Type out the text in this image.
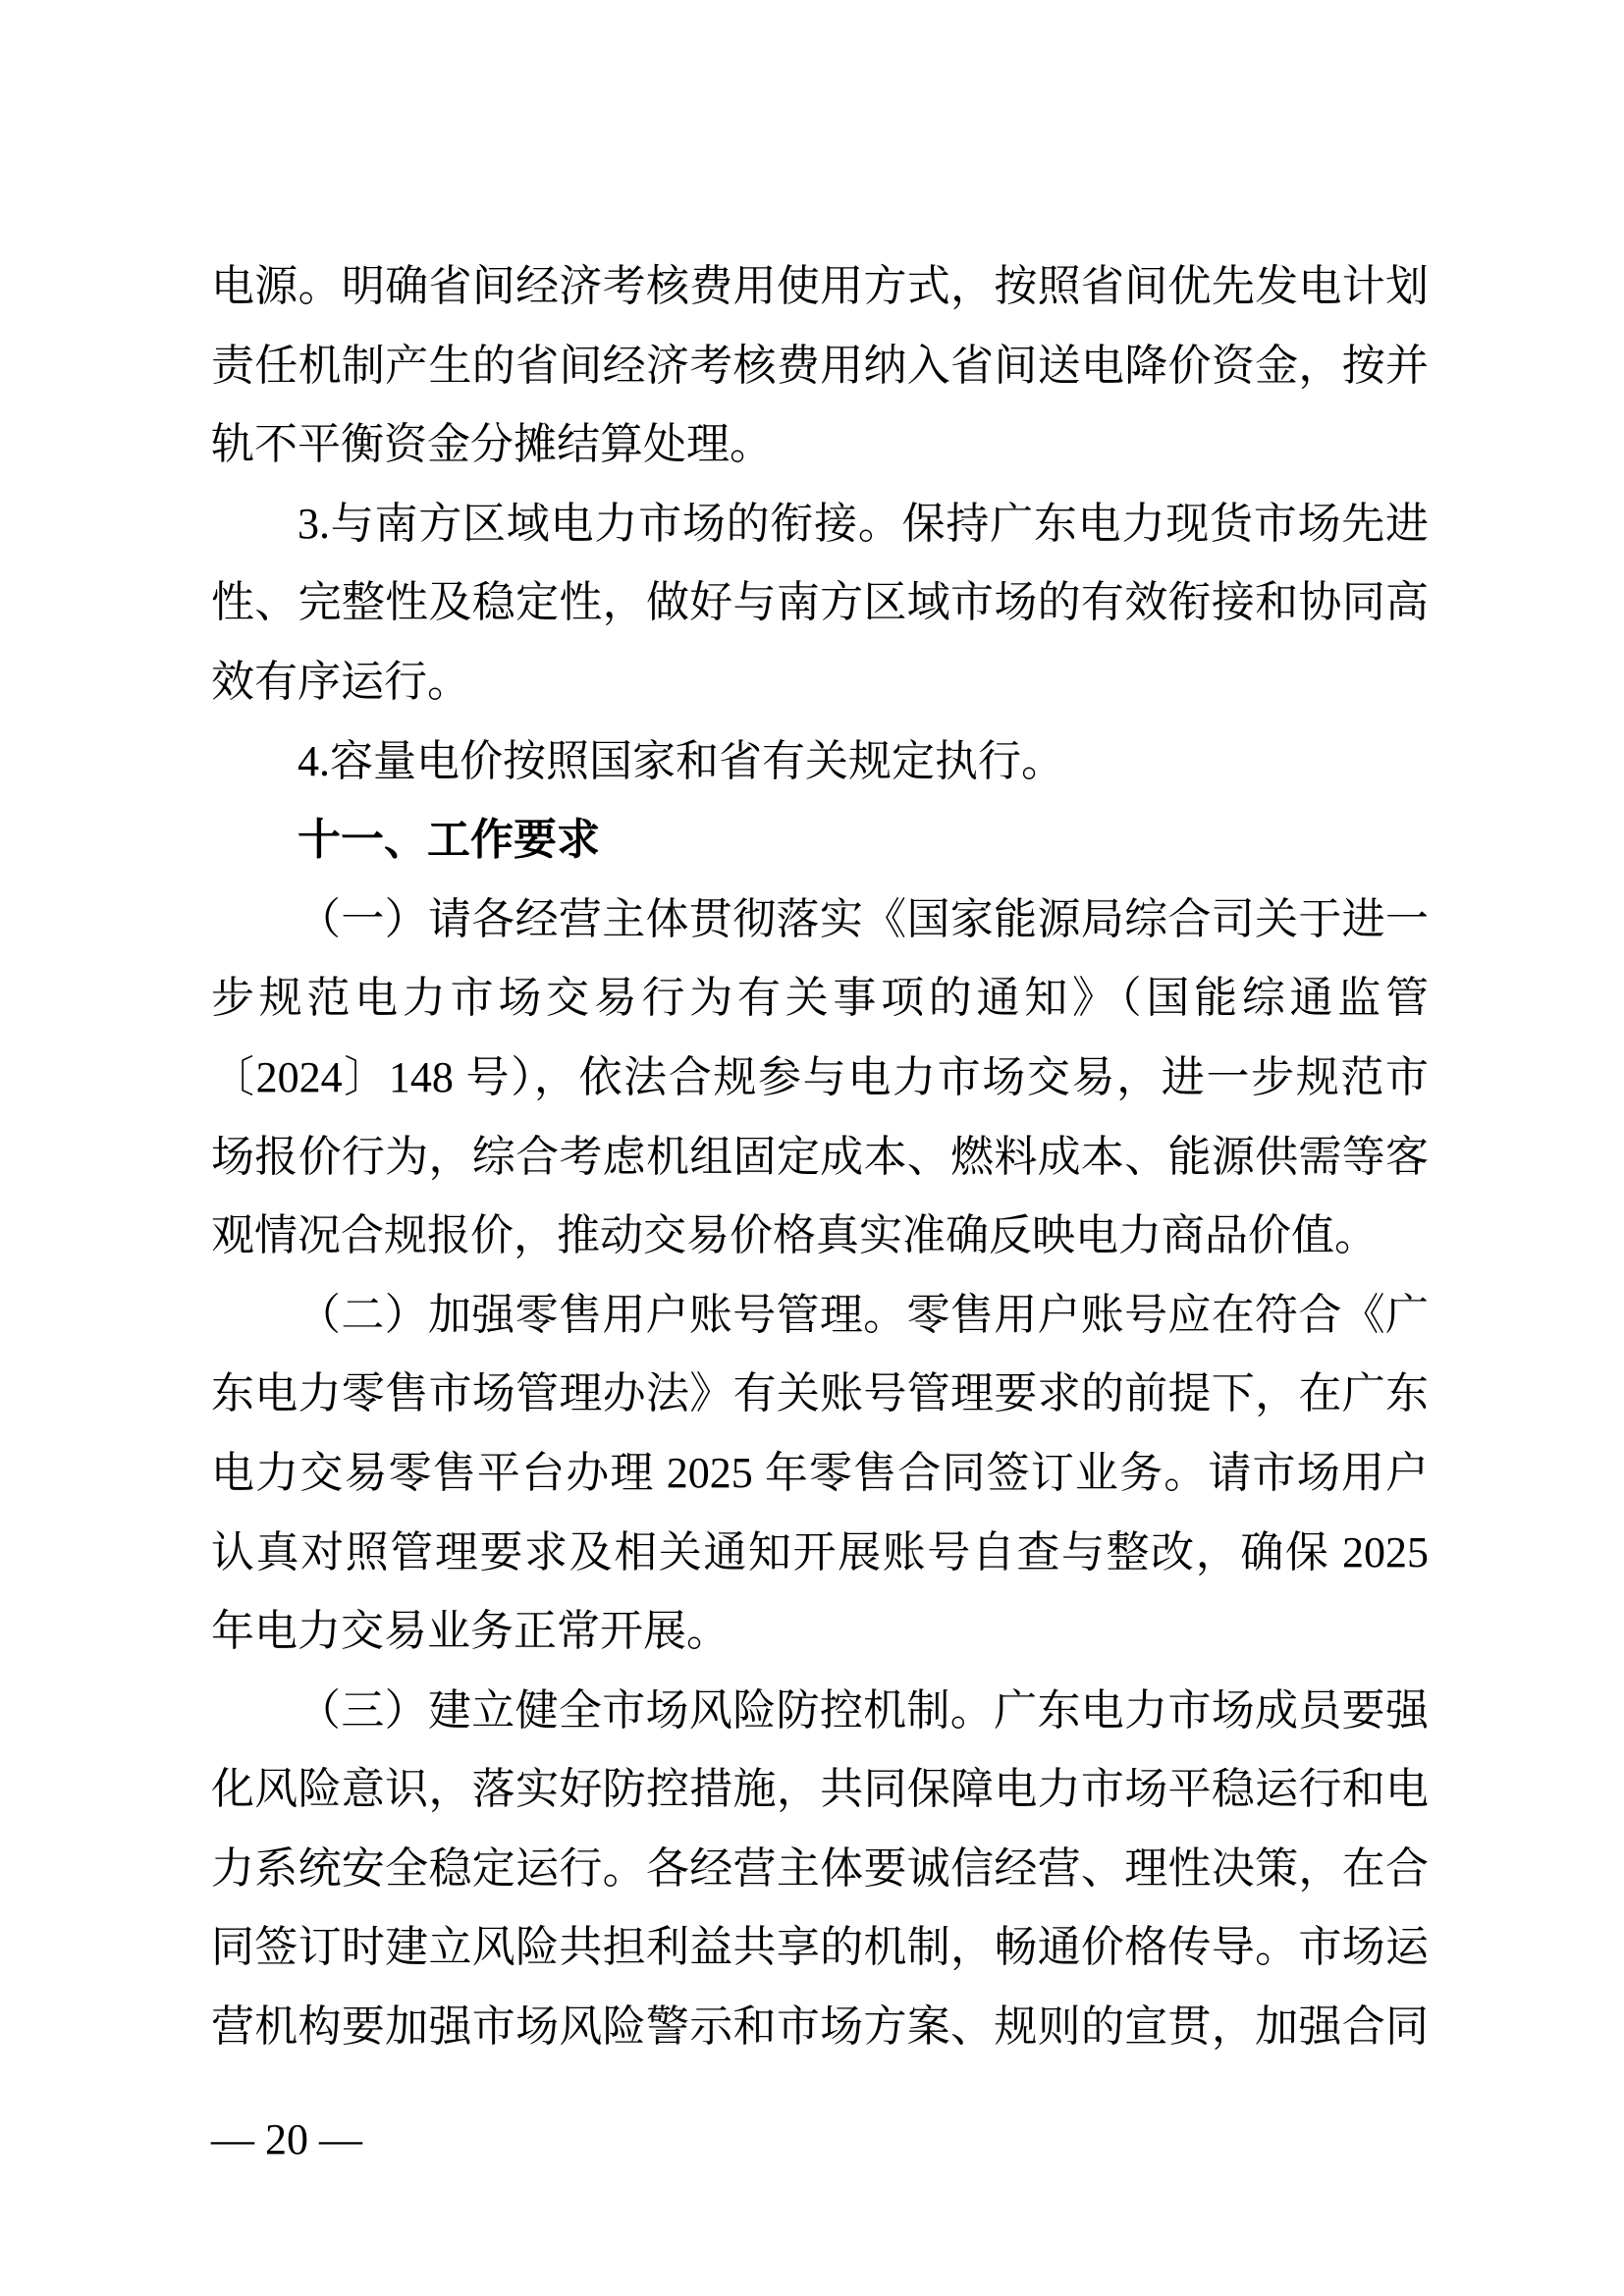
电源。明确省间经济考核费用使用方式，按照省间优先发电计划
责任机制产生的省间经济考核费用纳入省间送电降价资金，按并
轨不平衡资金分摊结算处理。
3.与南方区域电力市场的衔接。保持广东电力现货市场先进
性、完整性及稳定性，做好与南方区域市场的有效衔接和协同高
效有序运行。
4.容量电价按照国家和省有关规定执行。
十一、工作要求
（一）请各经营主体贯彻落实《国家能源局综合司关于进一
步规范电力市场交易行为有关事项的通知》（国能综通监管
〔2024〕148 号），依法合规参与电力市场交易，进一步规范市
场报价行为，综合考虑机组固定成本、燃料成本、能源供需等客
观情况合规报价，推动交易价格真实准确反映电力商品价值。
（二）加强零售用户账号管理。零售用户账号应在符合《广
东电力零售市场管理办法》有关账号管理要求的前提下，在广东
电力交易零售平台办理 2025 年零售合同签订业务。请市场用户
认真对照管理要求及相关通知开展账号自查与整改，确保 2025
年电力交易业务正常开展。
（三）建立健全市场风险防控机制。广东电力市场成员要强
化风险意识，落实好防控措施，共同保障电力市场平稳运行和电
力系统安全稳定运行。各经营主体要诚信经营、理性决策，在合
同签订时建立风险共担利益共享的机制，畅通价格传导。市场运
营机构要加强市场风险警示和市场方案、规则的宣贯，加强合同
— 20 —
